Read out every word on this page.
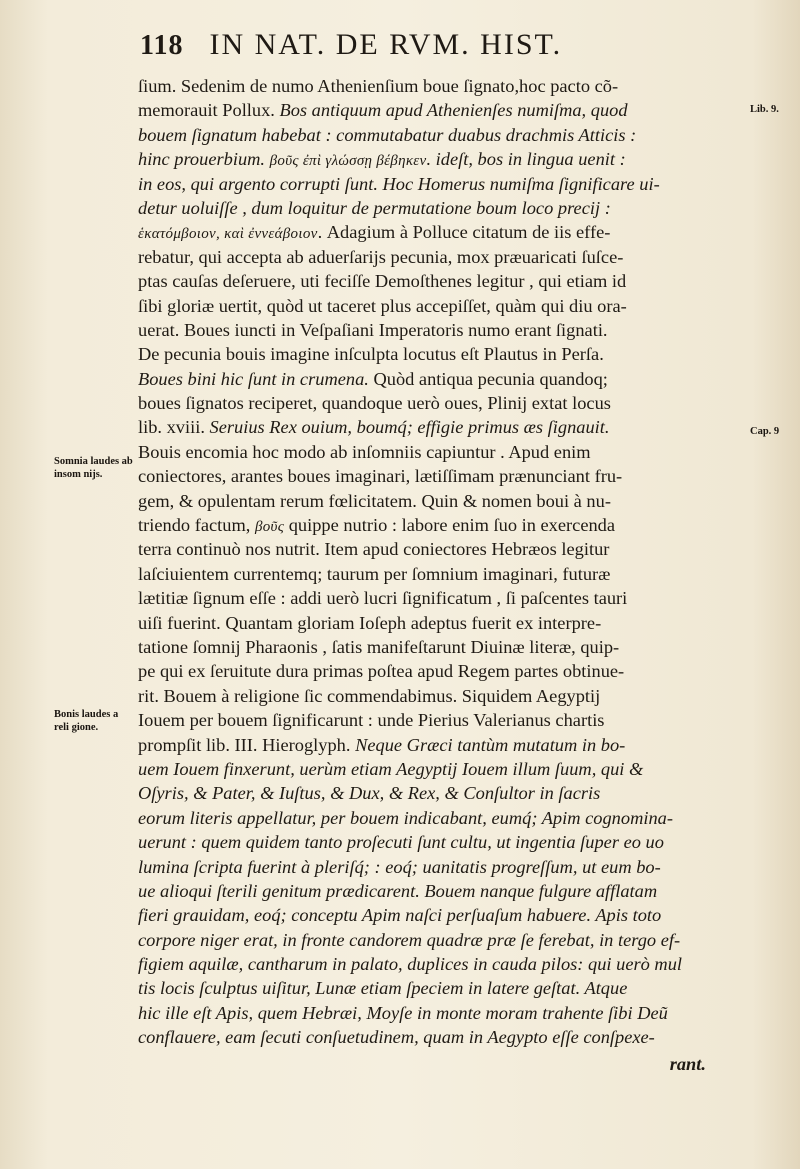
118 IN NAT. DE RVM. HIST.
Lib. 9.
Cap. 9
Somnia laudes ab insom nijs.
Bonis laudes a reli gione.
ſium. Sedenim de numo Athenienſium boue ſignato,hoc pacto cõ-
memorauit Pollux. Bos antiquum apud Athenienſes numiſma, quod
bouem ſignatum habebat : commutabatur duabus drachmis Atticis :
hinc prouerbium. βοῦς ἐπὶ γλώσσῃ βέβηκεν. ideſt, bos in lingua uenit :
in eos, qui argento corrupti ſunt. Hoc Homerus numiſma ſignificare ui-
detur uoluiſſe , dum loquitur de permutatione boum loco precij :
ἑκατόμβοιον, καὶ ἐννεάβοιον. Adagium à Polluce citatum de iis effe-
rebatur, qui accepta ab aduerſarijs pecunia, mox præuaricati ſuſce-
ptas cauſas deſeruere, uti feciſſe Demoſthenes legitur , qui etiam id
ſibi gloriæ uertit, quòd ut taceret plus accepiſſet, quàm qui diu ora-
uerat. Boues iuncti in Veſpaſiani Imperatoris numo erant ſignati.
De pecunia bouis imagine inſculpta locutus eſt Plautus in Perſa.
Boues bini hic ſunt in crumena. Quòd antiqua pecunia quandoq;
boues ſignatos reciperet, quandoque uerò oues, Plinij extat locus
lib. xviii. Seruius Rex ouium, boumq́; effigie primus æs ſignauit.
Bouis encomia hoc modo ab inſomniis capiuntur . Apud enim
coniectores, arantes boues imaginari, lætiſſimam prænunciant fru-
gem, & opulentam rerum fœlicitatem. Quin & nomen boui à nu-
triendo factum, βοῦς quippe nutrio : labore enim ſuo in exercenda
terra continuò nos nutrit. Item apud coniectores Hebræos legitur
laſciuientem currentemq; taurum per ſomnium imaginari, futuræ
lætitiæ ſignum eſſe : addi uerò lucri ſignificatum , ſi paſcentes tauri
uiſi fuerint. Quantam gloriam Ioſeph adeptus fuerit ex interpre-
tatione ſomnij Pharaonis , ſatis manifeſtarunt Diuinæ literæ, quip-
pe qui ex ſeruitute dura primas poſtea apud Regem partes obtinue-
rit. Bouem à religione ſic commendabimus. Siquidem Aegyptij
Iouem per bouem ſignificarunt : unde Pierius Valerianus chartis
prompſit lib. III. Hieroglyph. Neque Græci tantùm mutatum in bo-
uem Iouem finxerunt, uerùm etiam Aegyptij Iouem illum ſuum, qui &
Oſyris, & Pater, & Iuſtus, & Dux, & Rex, & Conſultor in ſacris
eorum literis appellatur, per bouem indicabant, eumq́; Apim cognomina-
uerunt : quem quidem tanto proſecuti ſunt cultu, ut ingentia ſuper eo uo
lumina ſcripta fuerint à pleriſq́; : eoq́; uanitatis progreſſum, ut eum bo-
ue alioqui ſterili genitum prædicarent. Bouem nanque fulgure afflatam
fieri grauidam, eoq́; conceptu Apim naſci perſuaſum habuere. Apis toto
corpore niger erat, in fronte candorem quadræ præ ſe ferebat, in tergo ef-
figiem aquilæ, cantharum in palato, duplices in cauda pilos: qui uerò mul
tis locis ſculptus uiſitur, Lunæ etiam ſpeciem in latere geſtat. Atque
hic ille eſt Apis, quem Hebræi, Moyſe in monte moram trahente ſibi Deũ
conflauere, eam ſecuti conſuetudinem, quam in Aegypto eſſe conſpexe-
rant.
